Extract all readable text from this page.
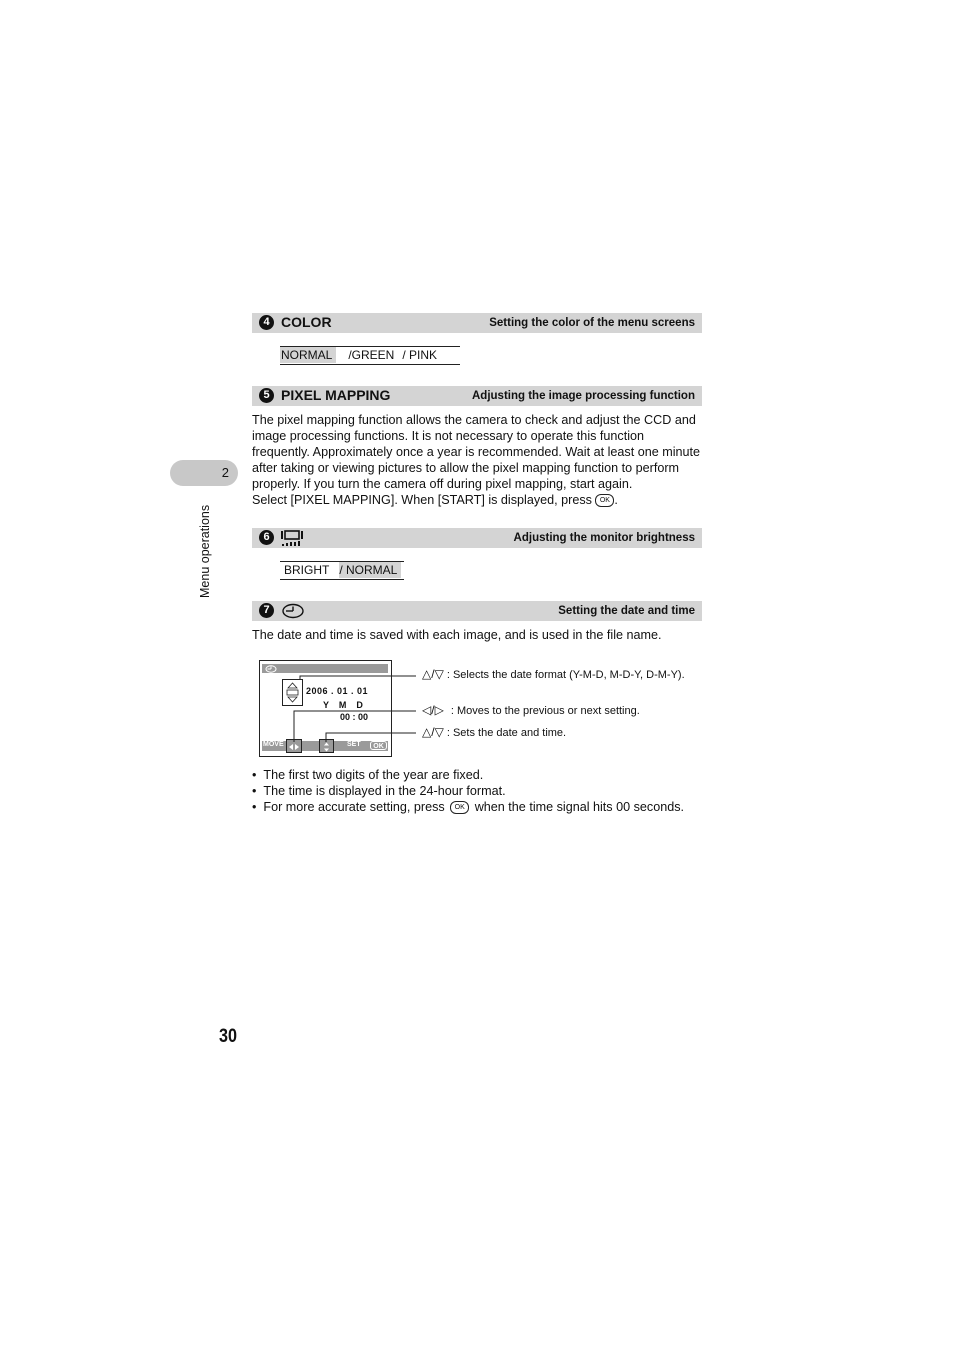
2
Menu operations
4 COLOR	Setting the color of the menu screens
NORMAL /GREEN / PINK
5 PIXEL MAPPING	Adjusting the image processing function
The pixel mapping function allows the camera to check and adjust the CCD and image processing functions. It is not necessary to operate this function frequently. Approximately once a year is recommended. Wait at least one minute after taking or viewing pictures to allow the pixel mapping function to perform properly. If you turn the camera off during pixel mapping, start again.
Select [PIXEL MAPPING]. When [START] is displayed, press OK .
6	Adjusting the monitor brightness
BRIGHT / NORMAL
7	Setting the date and time
The date and time is saved with each image, and is used in the file name.
2006 . 01 . 01
Y    M    D
00 : 00
MOVE	SET	OK
△/▽ : Selects the date format (Y-M-D, M-D-Y, D-M-Y).
◁/▷ : Moves to the previous or next setting.
△/▽ : Sets the date and time.
•  The first two digits of the year are fixed.
•  The time is displayed in the 24-hour format.
•  For more accurate setting, press OK when the time signal hits 00 seconds.
30
